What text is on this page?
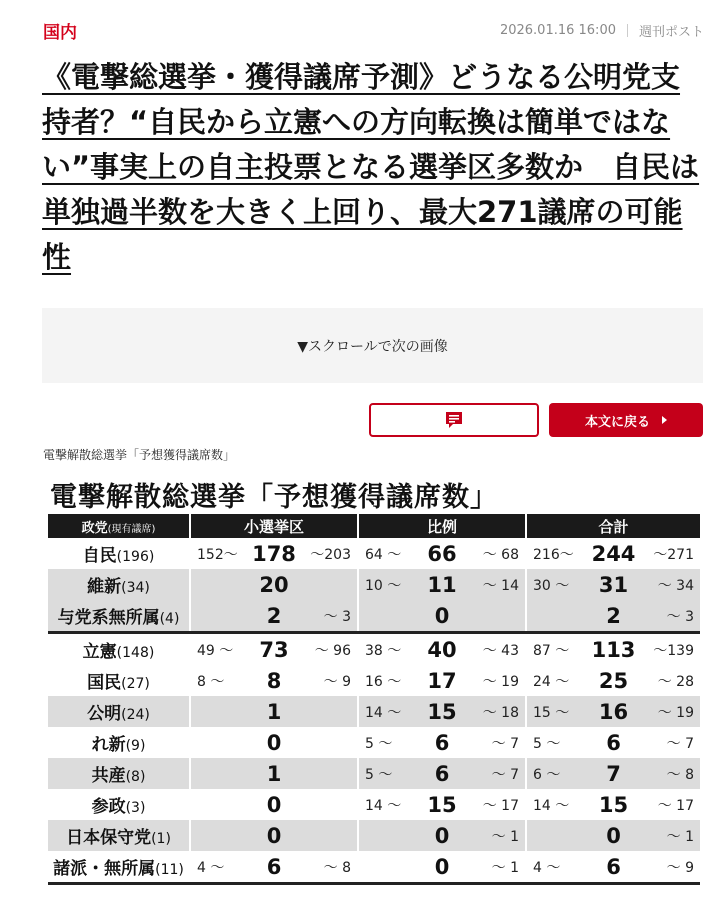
国内	2026.01.16 16:00 週刊ポスト
《電撃総選挙・獲得議席予測》どうなる公明党支持者？“自民から立憲への方向転換は簡単ではない”事実上の自主投票となる選挙区多数か　自民は単独過半数を大きく上回り、最大271議席の可能性
▼スクロールで次の画像
本文に戻る
電撃解散総選挙「予想獲得議席数」
電撃解散総選挙「予想獲得議席数」
政党(現有議席)	小選挙区	比例	合計
自民(196)	152～ 178 ～203	64 ～ 66 ～ 68	216～ 244 ～271

維新(34)	20	10 ～ 11 ～ 14	30 ～ 31 ～ 34

与党系無所属(4)	2 ～ 3	0	2 ～ 3

立憲(148)	49 ～ 73 ～ 96	38 ～ 40 ～ 43	87 ～ 113 ～139

国民(27)	8 ～ 8 ～ 9	16 ～ 17 ～ 19	24 ～ 25 ～ 28

公明(24)	1	14 ～ 15 ～ 18	15 ～ 16 ～ 19

れ新(9)	0	5 ～ 6 ～ 7	5 ～ 6 ～ 7

共産(8)	1	5 ～ 6 ～ 7	6 ～ 7 ～ 8

参政(3)	0	14 ～ 15 ～ 17	14 ～ 15 ～ 17

日本保守党(1)	0	0 ～ 1	0 ～ 1

諸派・無所属(11)	4 ～ 6 ～ 8	0 ～ 1	4 ～ 6 ～ 9
